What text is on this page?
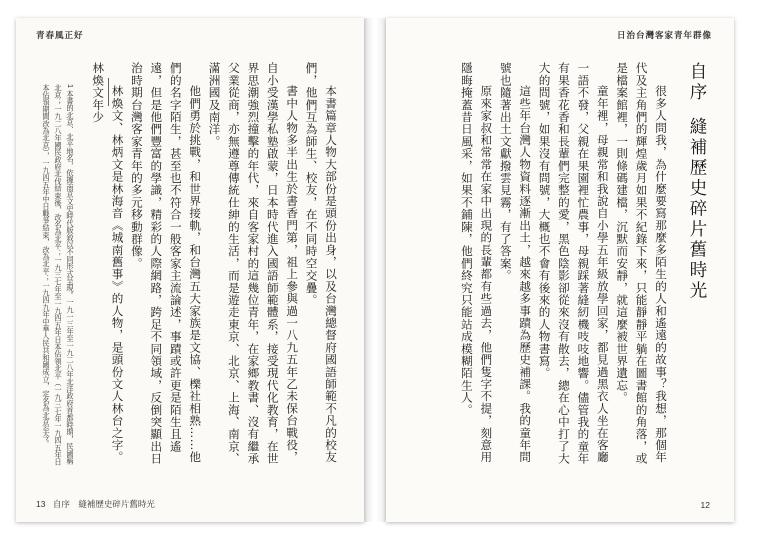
青春風正好

本書篇章人物大部份是頭份出身，以及台灣總督府國語師範不凡的校友們，他們互為師生、校友，在不同時空交疊。

書中人物多半出生於書香門第，祖上參與過一八九五年乙未保台戰役，自小受漢學私塾啟蒙，日本時代進入國語師範體系，接受現代化教育，在世界思潮強烈撞擊的年代，來自客家村的這幾位青年，在家鄉教書、沒有繼承父業從商，亦無遵尊傳統仕紳的生活，而是遊走東京、北京、上海、南京、滿洲國及南洋。

他們勇於挑戰，和世界接軌，和台灣五大家族是文協、櫟社相熟……他們的名字陌生，甚至也不符合一般客家主流論述，事蹟或許更是陌生且遙遠，但是他們豐富的學識，精彩的人際網路，跨足不同領域，反倒突顯出日治時期台灣客家青年的多元移動群像。

林煥文、林炳文是林海音《城南舊事》的人物，是頭份文人林台之字。林煥文年少

1 本書的北京、北平地名，依據南京文史時代版敘以不同形式呈現。一九一三年至一九二八年北洋政府首都時期，民國稱北京；一九二八年國民政府北伐結束後，改名為北平；一九三七年至一九四五年日本佔領北平（一九三七年一九四五年日本佔領期間改為北京），一九四五年中日戰爭結束，改為北平；一九四九年中華人民共和國成立，定名為北京至今。
13 自序　縫補歷史碎片舊時光
日治台灣客家青年群像
自序縫補歷史碎片舊時光

很多人問我，為什麼要寫那麼多陌生的人和遙遠的故事？我想，那個年代及主角們的輝煌歲月如果不紀錄下來，只能靜靜平躺在圖書館的角落，或是檔案館裡，一則條碼建檔，沉默而安靜，就這麼被世界遺忘。

童年裡，母親常和我說自小學五年級放學回家，都見過黑衣人坐在客廳一語不發，父親在果園裡忙農事，母親踩著縫紉機吱吱地響。儘管我的童年有果香花香和長輩們完整的愛，黑色陰影卻從來沒有散去，總在心中打了大大的問號，如果沒有問號，大概也不會有後來的人物書寫。

這些年台灣人物資料逐漸出土，越來越多事蹟為歷史補課。我的童年問號也隨著出土文獻撥雲見霧，有了答案。

原來家叔和常常在家中出現的長輩都有些過去，他們隻字不提，刻意用隱晦掩蓋昔日風采，如果不鋪陳，他們終究只能站成模糊陌生人。

12
